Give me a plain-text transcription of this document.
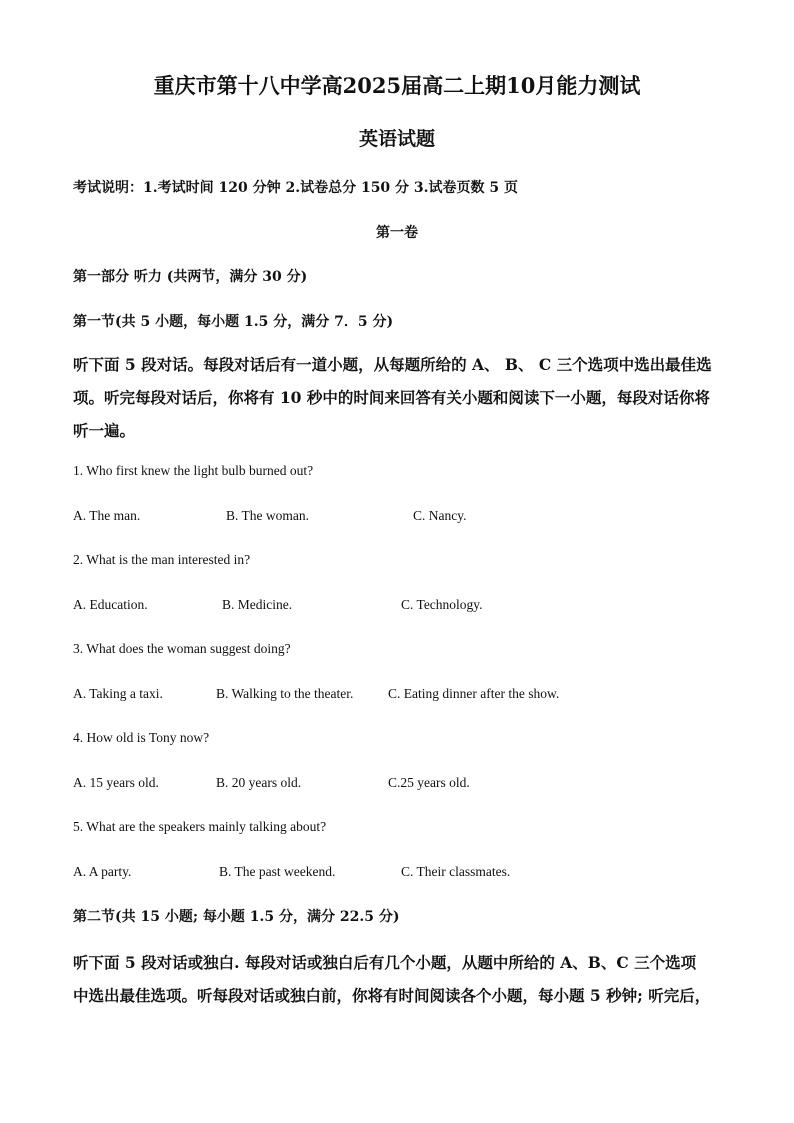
重庆市第十八中学高2025届高二上期10月能力测试
英语试题
考试说明：1.考试时间 120 分钟 2.试卷总分 150 分 3.试卷页数 5 页
第一卷
第一部分 听力 (共两节，满分 30 分)
第一节(共 5 小题，每小题 1.5 分，满分 7．5 分)
听下面 5 段对话。每段对话后有一道小题，从每题所给的 A、 B、 C 三个选项中选出最佳选
项。听完每段对话后，你将有 10 秒中的时间来回答有关小题和阅读下一小题，每段对话你将
听一遍。
1. Who first knew the light bulb burned out?
A. The man.	B. The woman.	C. Nancy.
2. What is the man interested in?
A. Education.	B. Medicine.	C. Technology.
3. What does the woman suggest doing?
A. Taking a taxi.	B. Walking to the theater.	C. Eating dinner after the show.
4. How old is Tony now?
A. 15 years old.	B. 20 years old.	C.25 years old.
5. What are the speakers mainly talking about?
A. A party.	B. The past weekend.	C. Their classmates.
第二节(共 15 小题; 每小题 1.5 分，满分 22.5 分)
听下面 5 段对话或独白. 每段对话或独白后有几个小题，从题中所给的 A、B、C 三个选项
中选出最佳选项。听每段对话或独白前，你将有时间阅读各个小题，每小题 5 秒钟; 听完后，
